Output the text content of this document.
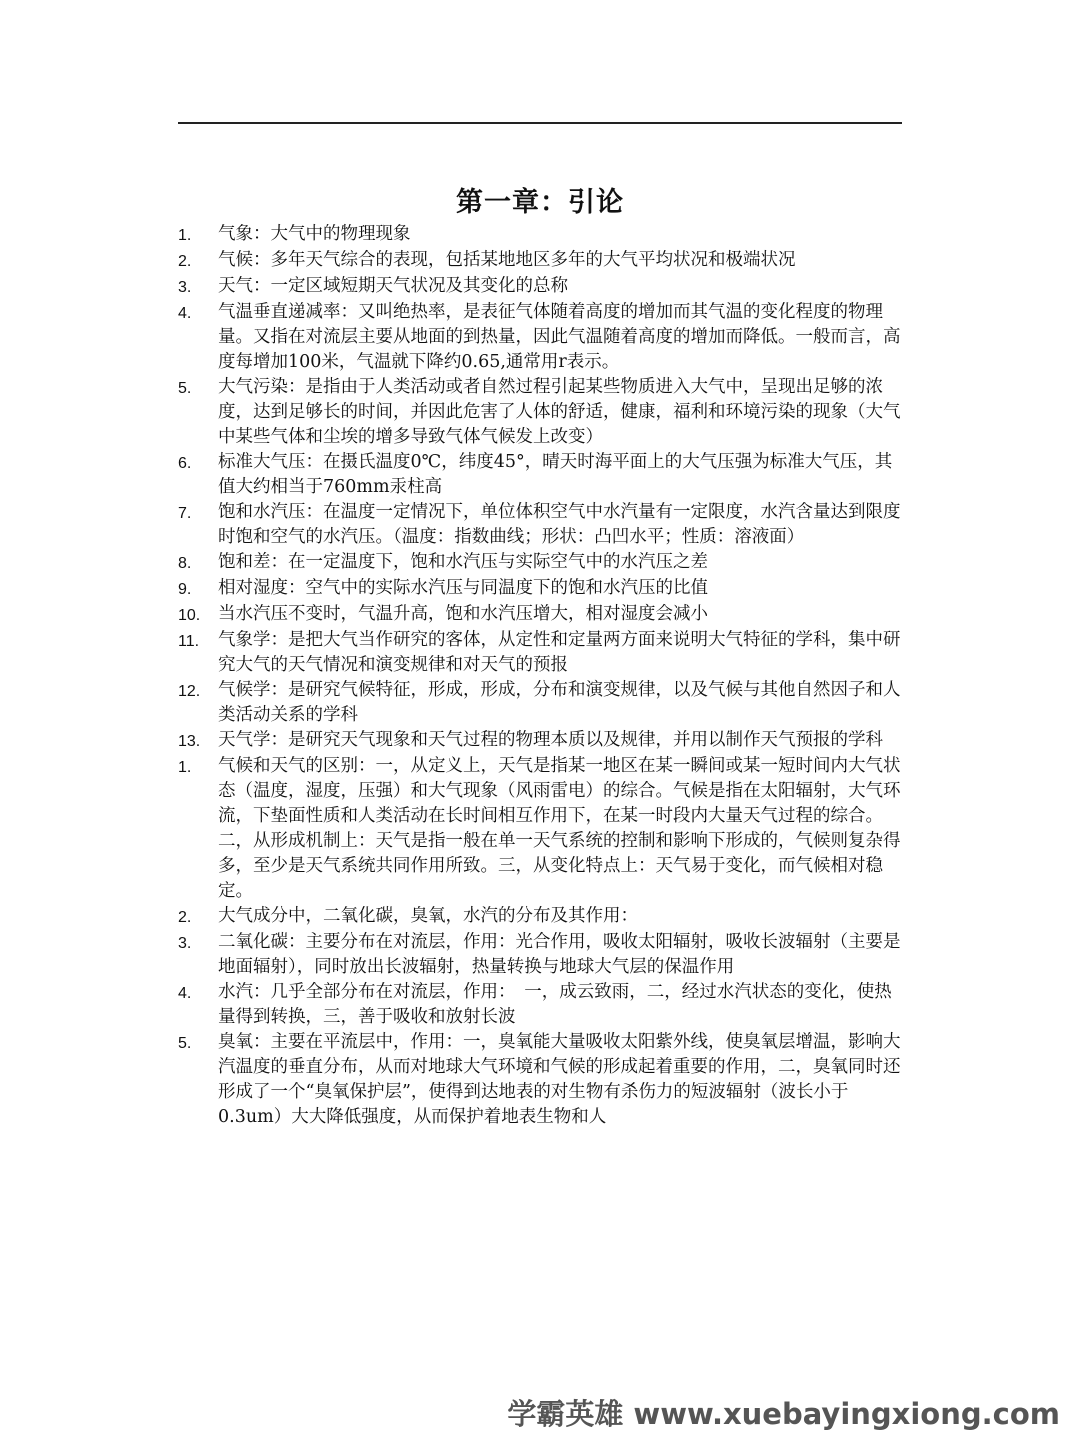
第一章：引论
1.	气象：大气中的物理现象
2.	气候：多年天气综合的表现，包括某地地区多年的大气平均状况和极端状况
3.	天气：一定区域短期天气状况及其变化的总称
4.	气温垂直递减率：又叫绝热率，是表征气体随着高度的增加而其气温的变化程度的物理量。又指在对流层主要从地面的到热量，因此气温随着高度的增加而降低。一般而言，高度每增加100米，气温就下降约0.65,通常用r表示。
5.	大气污染：是指由于人类活动或者自然过程引起某些物质进入大气中，呈现出足够的浓度，达到足够长的时间，并因此危害了人体的舒适，健康，福利和环境污染的现象（大气中某些气体和尘埃的增多导致气体气候发上改变）
6.	标准大气压：在摄氏温度0℃，纬度45°，晴天时海平面上的大气压强为标准大气压，其值大约相当于760mm汞柱高
7.	饱和水汽压：在温度一定情况下，单位体积空气中水汽量有一定限度，水汽含量达到限度时饱和空气的水汽压。（温度：指数曲线；形状：凸凹水平；性质：溶液面）
8.	饱和差：在一定温度下，饱和水汽压与实际空气中的水汽压之差
9.	相对湿度：空气中的实际水汽压与同温度下的饱和水汽压的比值
10.	当水汽压不变时，气温升高，饱和水汽压增大，相对湿度会减小
11.	气象学：是把大气当作研究的客体，从定性和定量两方面来说明大气特征的学科，集中研究大气的天气情况和演变规律和对天气的预报
12.	气候学：是研究气候特征，形成，形成，分布和演变规律，以及气候与其他自然因子和人类活动关系的学科
13.	天气学：是研究天气现象和天气过程的物理本质以及规律，并用以制作天气预报的学科
1.	气候和天气的区别：一，从定义上，天气是指某一地区在某一瞬间或某一短时间内大气状态（温度，湿度，压强）和大气现象（风雨雷电）的综合。气候是指在太阳辐射，大气环流，下垫面性质和人类活动在长时间相互作用下，在某一时段内大量天气过程的综合。二，从形成机制上：天气是指一般在单一天气系统的控制和影响下形成的，气候则复杂得多，至少是天气系统共同作用所致。三，从变化特点上：天气易于变化，而气候相对稳定。
2.	大气成分中，二氧化碳，臭氧，水汽的分布及其作用：
3.	二氧化碳：主要分布在对流层，作用：光合作用，吸收太阳辐射，吸收长波辐射（主要是地面辐射），同时放出长波辐射，热量转换与地球大气层的保温作用
4.	水汽：几乎全部分布在对流层，作用：　一，成云致雨，二，经过水汽状态的变化，使热量得到转换，三，善于吸收和放射长波
5.	臭氧：主要在平流层中，作用：一，臭氧能大量吸收太阳紫外线，使臭氧层增温，影响大汽温度的垂直分布，从而对地球大气环境和气候的形成起着重要的作用，二，臭氧同时还形成了一个“臭氧保护层”，使得到达地表的对生物有杀伤力的短波辐射（波长小于0.3um）大大降低强度，从而保护着地表生物和人
学霸英雄 www.xuebayingxiong.com
